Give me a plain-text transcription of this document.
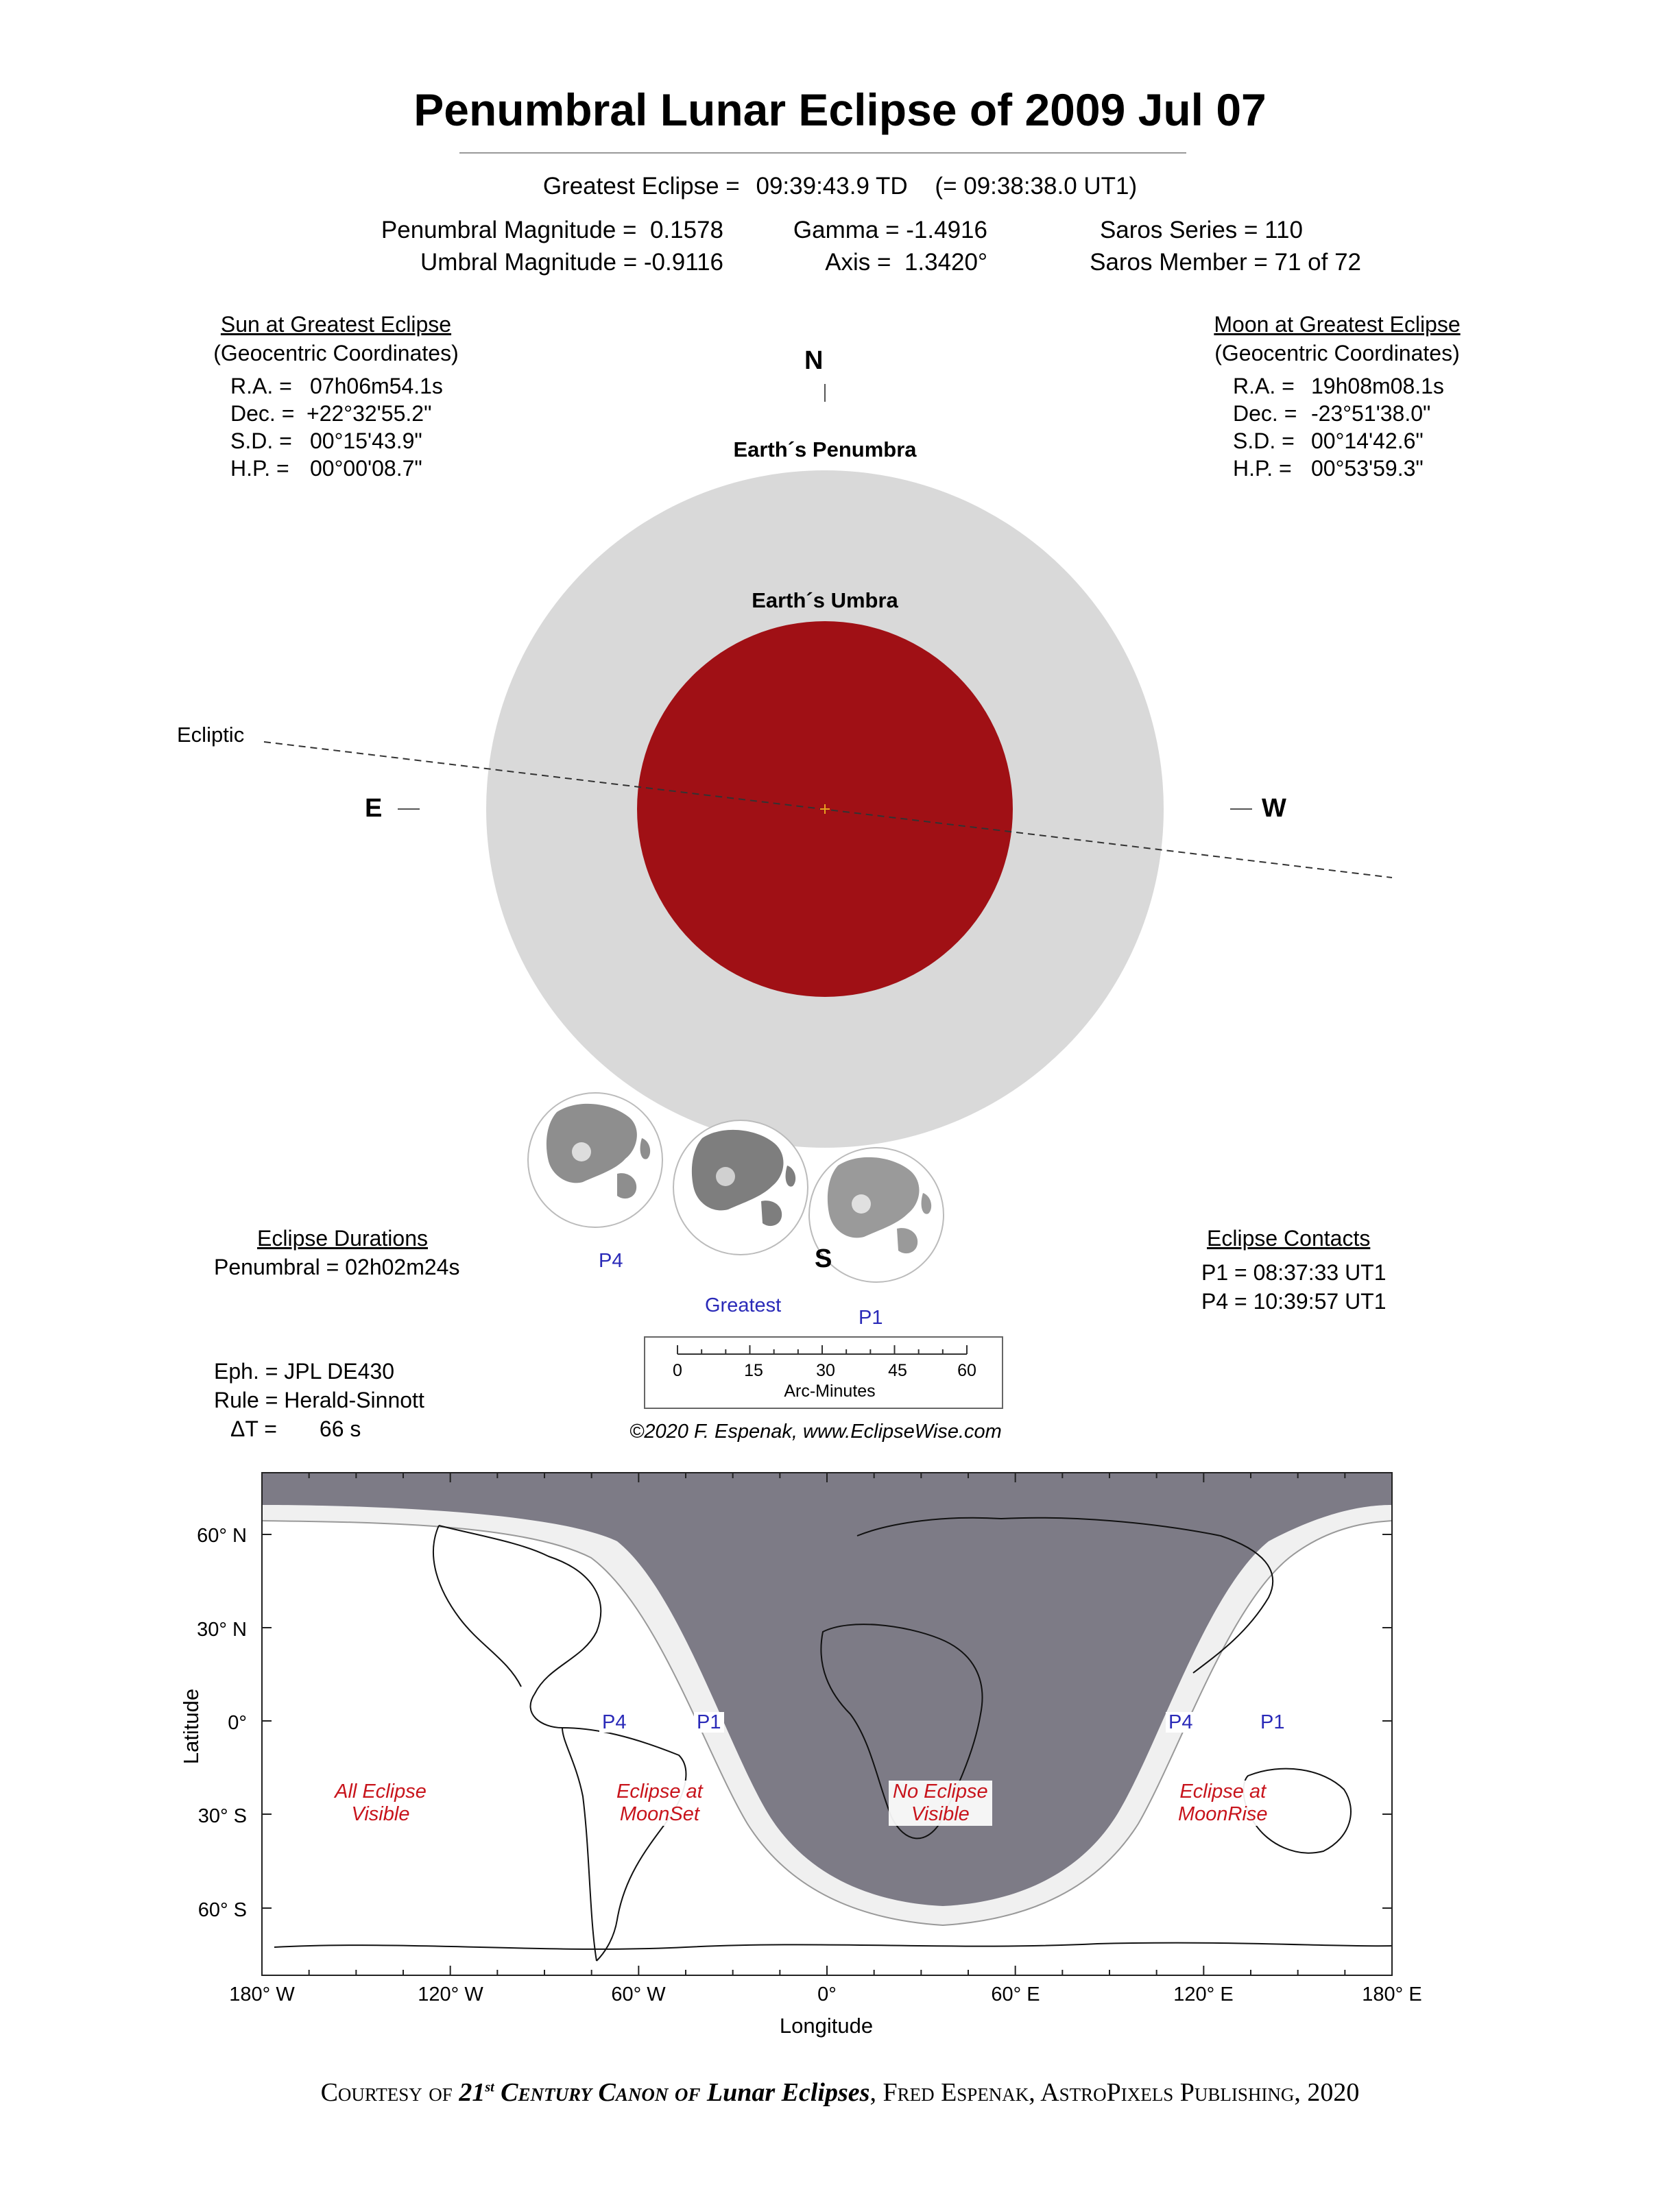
Penumbral Lunar Eclipse of 2009 Jul 07
Greatest Eclipse = 09:39:43.9 TD (= 09:38:38.0 UT1)
Penumbral Magnitude = 0.1578
Umbral Magnitude = -0.9116
Gamma = -1.4916
Axis = 1.3420°
Saros Series = 110
Saros Member = 71 of 72
Sun at Greatest Eclipse
(Geocentric Coordinates)
R.A. = 07h06m54.1s
Dec. = +22°32'55.2"
S.D. = 00°15'43.9"
H.P. = 00°00'08.7"
Moon at Greatest Eclipse
(Geocentric Coordinates)
R.A. = 19h08m08.1s
Dec. = -23°51'38.0"
S.D. = 00°14'42.6"
H.P. = 00°53'59.3"
N
S
E	W
Earth´s Penumbra
Earth´s Umbra
Ecliptic
P4
Greatest
P1
0	15	30	45	60
Arc-Minutes
Eclipse Durations
Penumbral = 02h02m24s
Eclipse Contacts
P1 = 08:37:33 UT1
P4 = 10:39:57 UT1
Eph. = JPL DE430
Rule = Herald-Sinnott
ΔT = 66 s	©2020 F. Espenak, www.EclipseWise.com
60° N
30° N
0°
30° S
60° S
180° W	120° W	60° W	0°	60° E	120° E	180° E
Longitude
Latitude
All Eclipse
Visible
Eclipse at
MoonSet
No Eclipse
Visible
Eclipse at
MoonRise
P4	P1	P4	P1
Courtesy of 21st Century Canon of Lunar Eclipses, Fred Espenak, AstroPixels Publishing, 2020
